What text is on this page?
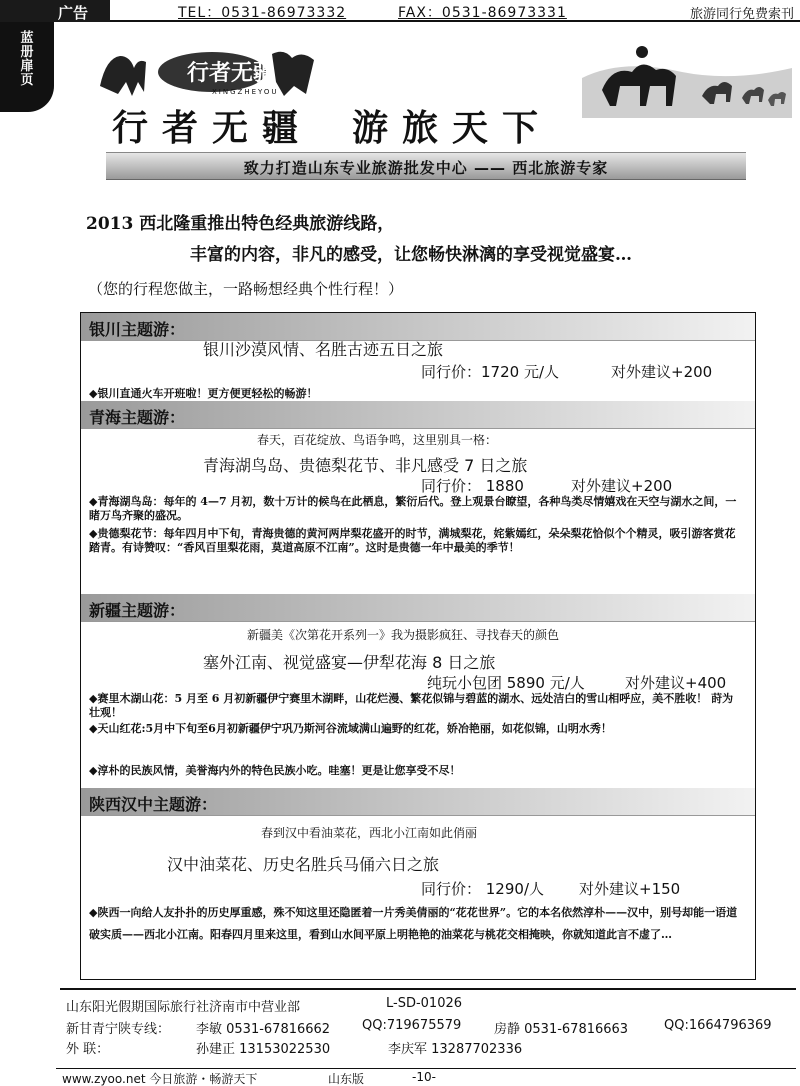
广告	TEL：0531-86973332	FAX：0531-86973331	旅游同行免费索刊
蓝册扉页	行者无疆
XINGZHEYOU
行者无疆 游旅天下
致力打造山东专业旅游批发中心 —— 西北旅游专家
2013 西北隆重推出特色经典旅游线路，
丰富的内容，非凡的感受，让您畅快淋漓的享受视觉盛宴…
（您的行程您做主，一路畅想经典个性行程！）
银川主题游：
银川沙漠风情、名胜古迹五日之旅
同行价：1720 元/人	对外建议+200
◆银川直通火车开班啦！更方便更轻松的畅游！
青海主题游：
春天，百花绽放、鸟语争鸣，这里别具一格：
青海湖鸟岛、贵德梨花节、非凡感受 7 日之旅
同行价： 1880	对外建议+200
◆青海湖鸟岛：每年的 4—7 月初，数十万计的候鸟在此栖息，繁衍后代。登上观景台瞭望，各种鸟类尽情嬉戏在天空与湖水之间，一睹万鸟齐聚的盛况。
◆贵德梨花节：每年四月中下旬，青海贵德的黄河两岸梨花盛开的时节，满城梨花，姹紫嫣红，朵朵梨花恰似个个精灵，吸引游客赏花踏青。有诗赞叹：“香风百里梨花雨，莫道高原不江南”。这时是贵德一年中最美的季节！
新疆主题游：
新疆美《次第花开系列一》我为摄影疯狂、寻找春天的颜色
塞外江南、视觉盛宴—伊犁花海 8 日之旅
纯玩小包团 5890 元/人	对外建议+400
◆赛里木湖山花：5 月至 6 月初新疆伊宁赛里木湖畔，山花烂漫、繁花似锦与碧蓝的湖水、远处洁白的雪山相呼应，美不胜收！ 莳为壮观！
◆天山红花:5月中下旬至6月初新疆伊宁巩乃斯河谷流域满山遍野的红花，娇冶艳丽，如花似锦，山明水秀！
◆淳朴的民族风情，美誉海内外的特色民族小吃。哇塞！更是让您享受不尽！
陕西汉中主题游：
春到汉中看油菜花，西北小江南如此俏丽
汉中油菜花、历史名胜兵马俑六日之旅
同行价： 1290/人 对外建议+150
◆陕西一向给人友扑扑的历史厚重感，殊不知这里还隐匿着一片秀美倩丽的“花花世界”。它的本名依然淳朴——汉中，别号却能一语道破实质——西北小江南。阳春四月里来这里，看到山水间平原上明艳艳的油菜花与桃花交相掩映，你就知道此言不虚了…
山东阳光假期国际旅行社济南市中营业部	L-SD-01026
新甘青宁陕专线： 李敏 0531-67816662 QQ:719675579	房静 0531-67816663	QQ:1664796369
外 联：	孙建正 13153022530	李庆军 13287702336
www.zyoo.net 今日旅游・畅游天下	山东版	-10-
